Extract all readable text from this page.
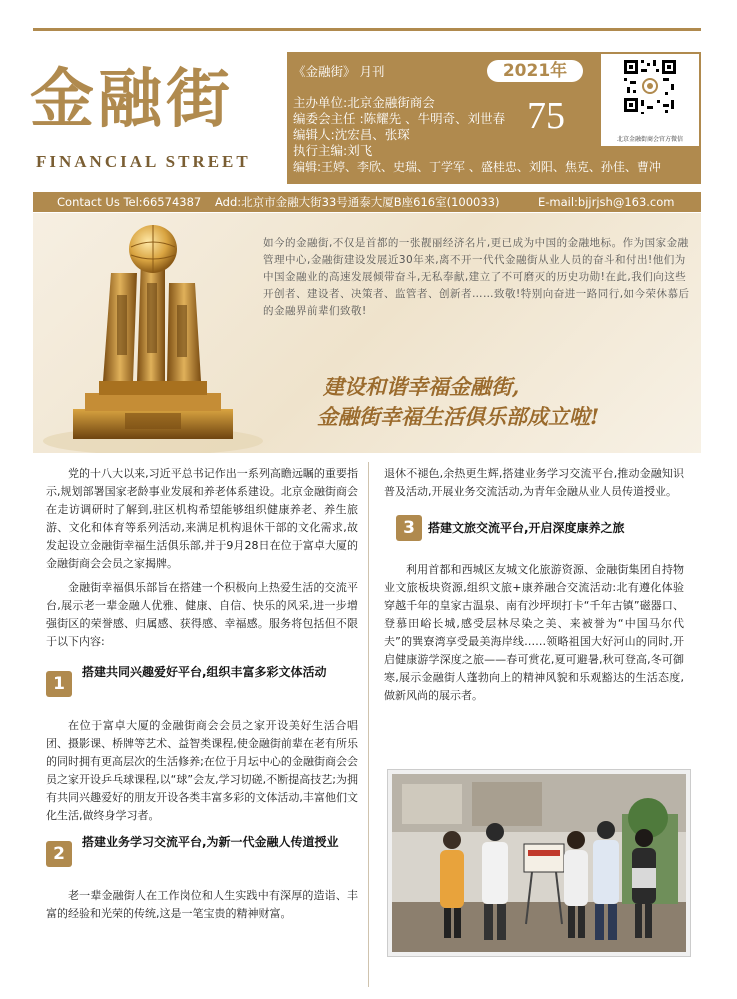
金融街
FINANCIAL STREET
《金融街》 月刊	2021年
75
主办单位:北京金融街商会
编委会主任 :陈耀先 、牛明奇、刘世春
编辑人:沈宏昌、张琛
执行主编:刘飞
编辑:王婷、李欣、史瑞、丁学军 、盛桂忠、刘阳、焦克、孙佳、曹冲
北京金融街商会官方微信
Contact Us Tel:66574387 Add:北京市金融大街33号通泰大厦B座616室(100033)	E-mail:bjjrjsh@163.com
如今的金融街,不仅是首都的一张靓丽经济名片,更已成为中国的金融地标。作为国家金融管理中心,金融街建设发展近30年来,离不开一代代金融街从业人员的奋斗和付出!他们为中国金融业的高速发展倾带奋斗,无私奉献,建立了不可磨灭的历史功勋!在此,我们向这些开创者、建设者、决策者、监管者、创新者……致敬!特别向奋进一路同行,如今荣休慕后的金融界前辈们致敬!
建设和谐幸福金融街,
金融街幸福生活俱乐部成立啦!

党的十八大以来,习近平总书记作出一系列高瞻远瞩的重要指示,规划部署国家老龄事业发展和养老体系建设。北京金融街商会在走访调研时了解到,驻区机构希望能够组织健康养老、养生旅游、文化和体育等系列活动,来满足机构退休干部的文化需求,故发起设立金融街幸福生活俱乐部,并于9月28日在位于富卓大厦的金融街商会会员之家揭牌。

金融街幸福俱乐部旨在搭建一个积极向上热爱生活的交流平台,展示老一辈金融人优雅、健康、自信、快乐的风采,进一步增强街区的荣誉感、归属感、获得感、幸福感。服务将包括但不限于以下内容:

1
搭建共同兴趣爱好平台,组织丰富多彩文体活动

在位于富卓大厦的金融街商会会员之家开设美好生活合唱团、摄影课、桥牌等艺术、益智类课程,使金融街前辈在老有所乐的同时拥有更高层次的生活修养;在位于月坛中心的金融街商会会员之家开设乒乓球课程,以“球”会友,学习切磋,不断提高技艺;为拥有共同兴趣爱好的朋友开设各类丰富多彩的文体活动,丰富他们文化生活,做终身学习者。

2
搭建业务学习交流平台,为新一代金融人传道授业

老一辈金融街人在工作岗位和人生实践中有深厚的造诣、丰富的经验和光荣的传统,这是一笔宝贵的精神财富。

退休不褪色,余热更生辉,搭建业务学习交流平台,推动金融知识普及活动,开展业务交流活动,为青年金融从业人员传道授业。

3	搭建文旅交流平台,开启深度康养之旅

利用首都和西城区友城文化旅游资源、金融街集团自持物业文旅板块资源,组织文旅+康养融合交流活动:北有遵化体验穿越千年的皇家古温泉、南有沙坪坝打卡“千年古镇”磁器口、登慕田峪长城,感受层林尽染之美、来被誉为“中国马尔代夫”的巽寮湾享受最美海岸线……领略祖国大好河山的同时,开启健康游学深度之旅——春可赏花,夏可避暑,秋可登高,冬可御寒,展示金融街人蓬勃向上的精神风貌和乐观豁达的生活态度,做新风尚的展示者。
